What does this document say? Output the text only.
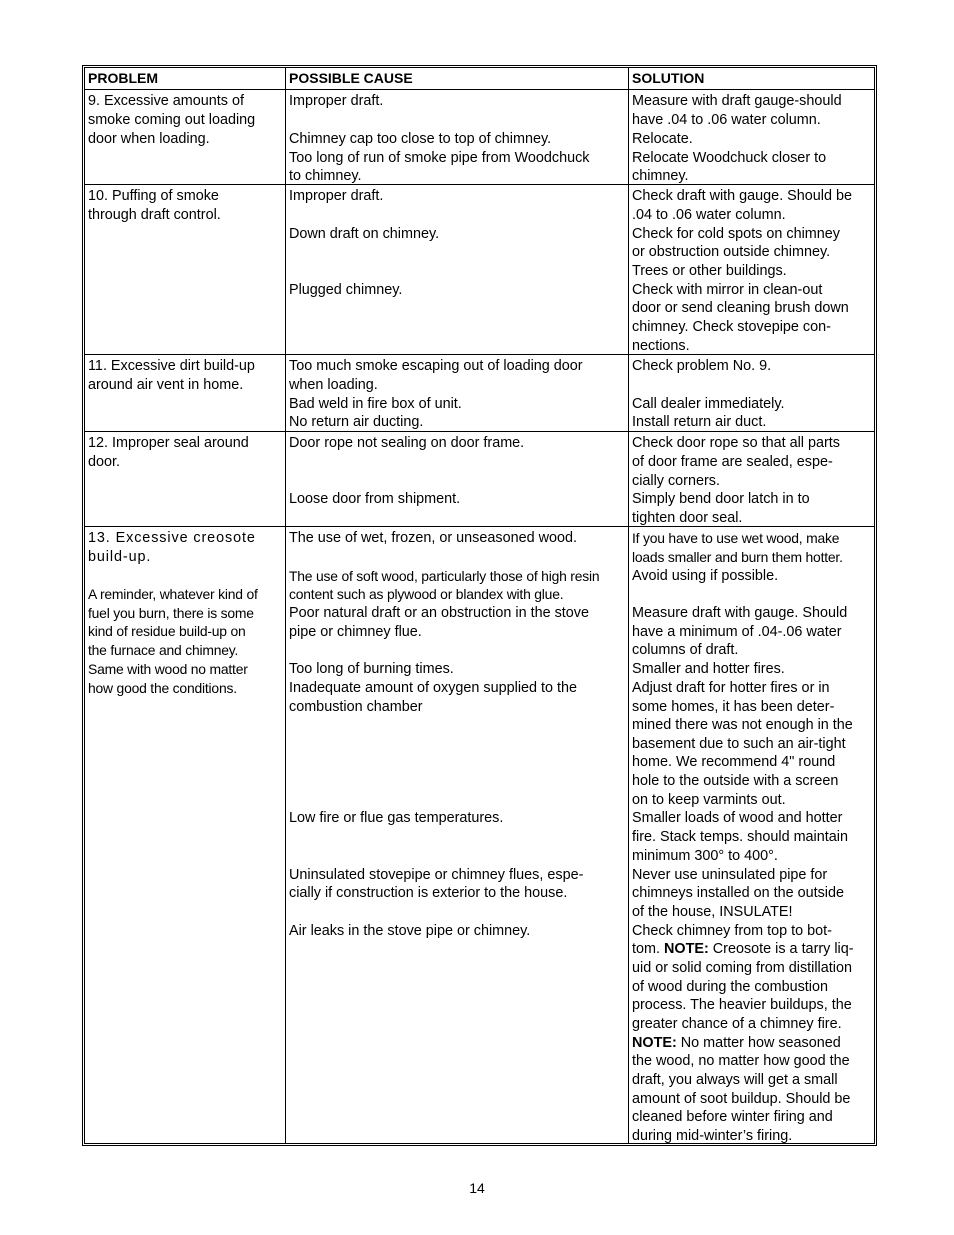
PROBLEM	POSSIBLE CAUSE	SOLUTION
9. Excessive amounts of
smoke coming out loading
door when loading.
Improper draft.
Chimney cap too close to top of chimney.
Too long of run of smoke pipe from Woodchuck
to chimney.
Measure with draft gauge-should
have .04 to .06 water column.
Relocate.
Relocate Woodchuck closer to
chimney.
10. Puffing of smoke
through draft control.
Improper draft.
Down draft on chimney.
Plugged chimney.
Check draft with gauge. Should be
.04 to .06 water column.
Check for cold spots on chimney
or obstruction outside chimney.
Trees or other buildings.
Check with mirror in clean-out
door or send cleaning brush down
chimney. Check stovepipe con-
nections.
11. Excessive dirt build-up
around air vent in home.
Too much smoke escaping out of loading door
when loading.
Bad weld in fire box of unit.
No return air ducting.
Check problem No. 9.
Call dealer immediately.
Install return air duct.
12. Improper seal around
door.
Door rope not sealing on door frame.
Loose door from shipment.
Check door rope so that all parts
of door frame are sealed, espe-
cially corners.
Simply bend door latch in to
tighten door seal.
13. Excessive creosote
build-up.
A reminder, whatever kind of
fuel you burn, there is some
kind of residue build-up on
the furnace and chimney.
Same with wood no matter
how good the conditions.
The use of wet, frozen, or unseasoned wood.
The use of soft wood, particularly those of high resin
content such as plywood or blandex with glue.
Poor natural draft or an obstruction in the stove
pipe or chimney flue.
Too long of burning times.
Inadequate amount of oxygen supplied to the
combustion chamber
Low fire or flue gas temperatures.
Uninsulated stovepipe or chimney flues, espe-
cially if construction is exterior to the house.
Air leaks in the stove pipe or chimney.
If you have to use wet wood, make
loads smaller and burn them hotter.
Avoid using if possible.
Measure draft with gauge. Should
have a minimum of .04-.06 water
columns of draft.
Smaller and hotter fires.
Adjust draft for hotter fires or in
some homes, it has been deter-
mined there was not enough in the
basement due to such an air-tight
home. We recommend 4" round
hole to the outside with a screen
on to keep varmints out.
Smaller loads of wood and hotter
fire. Stack temps. should maintain
minimum 300° to 400°.
Never use uninsulated pipe for
chimneys installed on the outside
of the house, INSULATE!
Check chimney from top to bot-
tom. NOTE: Creosote is a tarry liq-
uid or solid coming from distillation
of wood during the combustion
process. The heavier buildups, the
greater chance of a chimney fire.
NOTE: No matter how seasoned
the wood, no matter how good the
draft, you always will get a small
amount of soot buildup. Should be
cleaned before winter firing and
during mid-winter’s firing.
14
